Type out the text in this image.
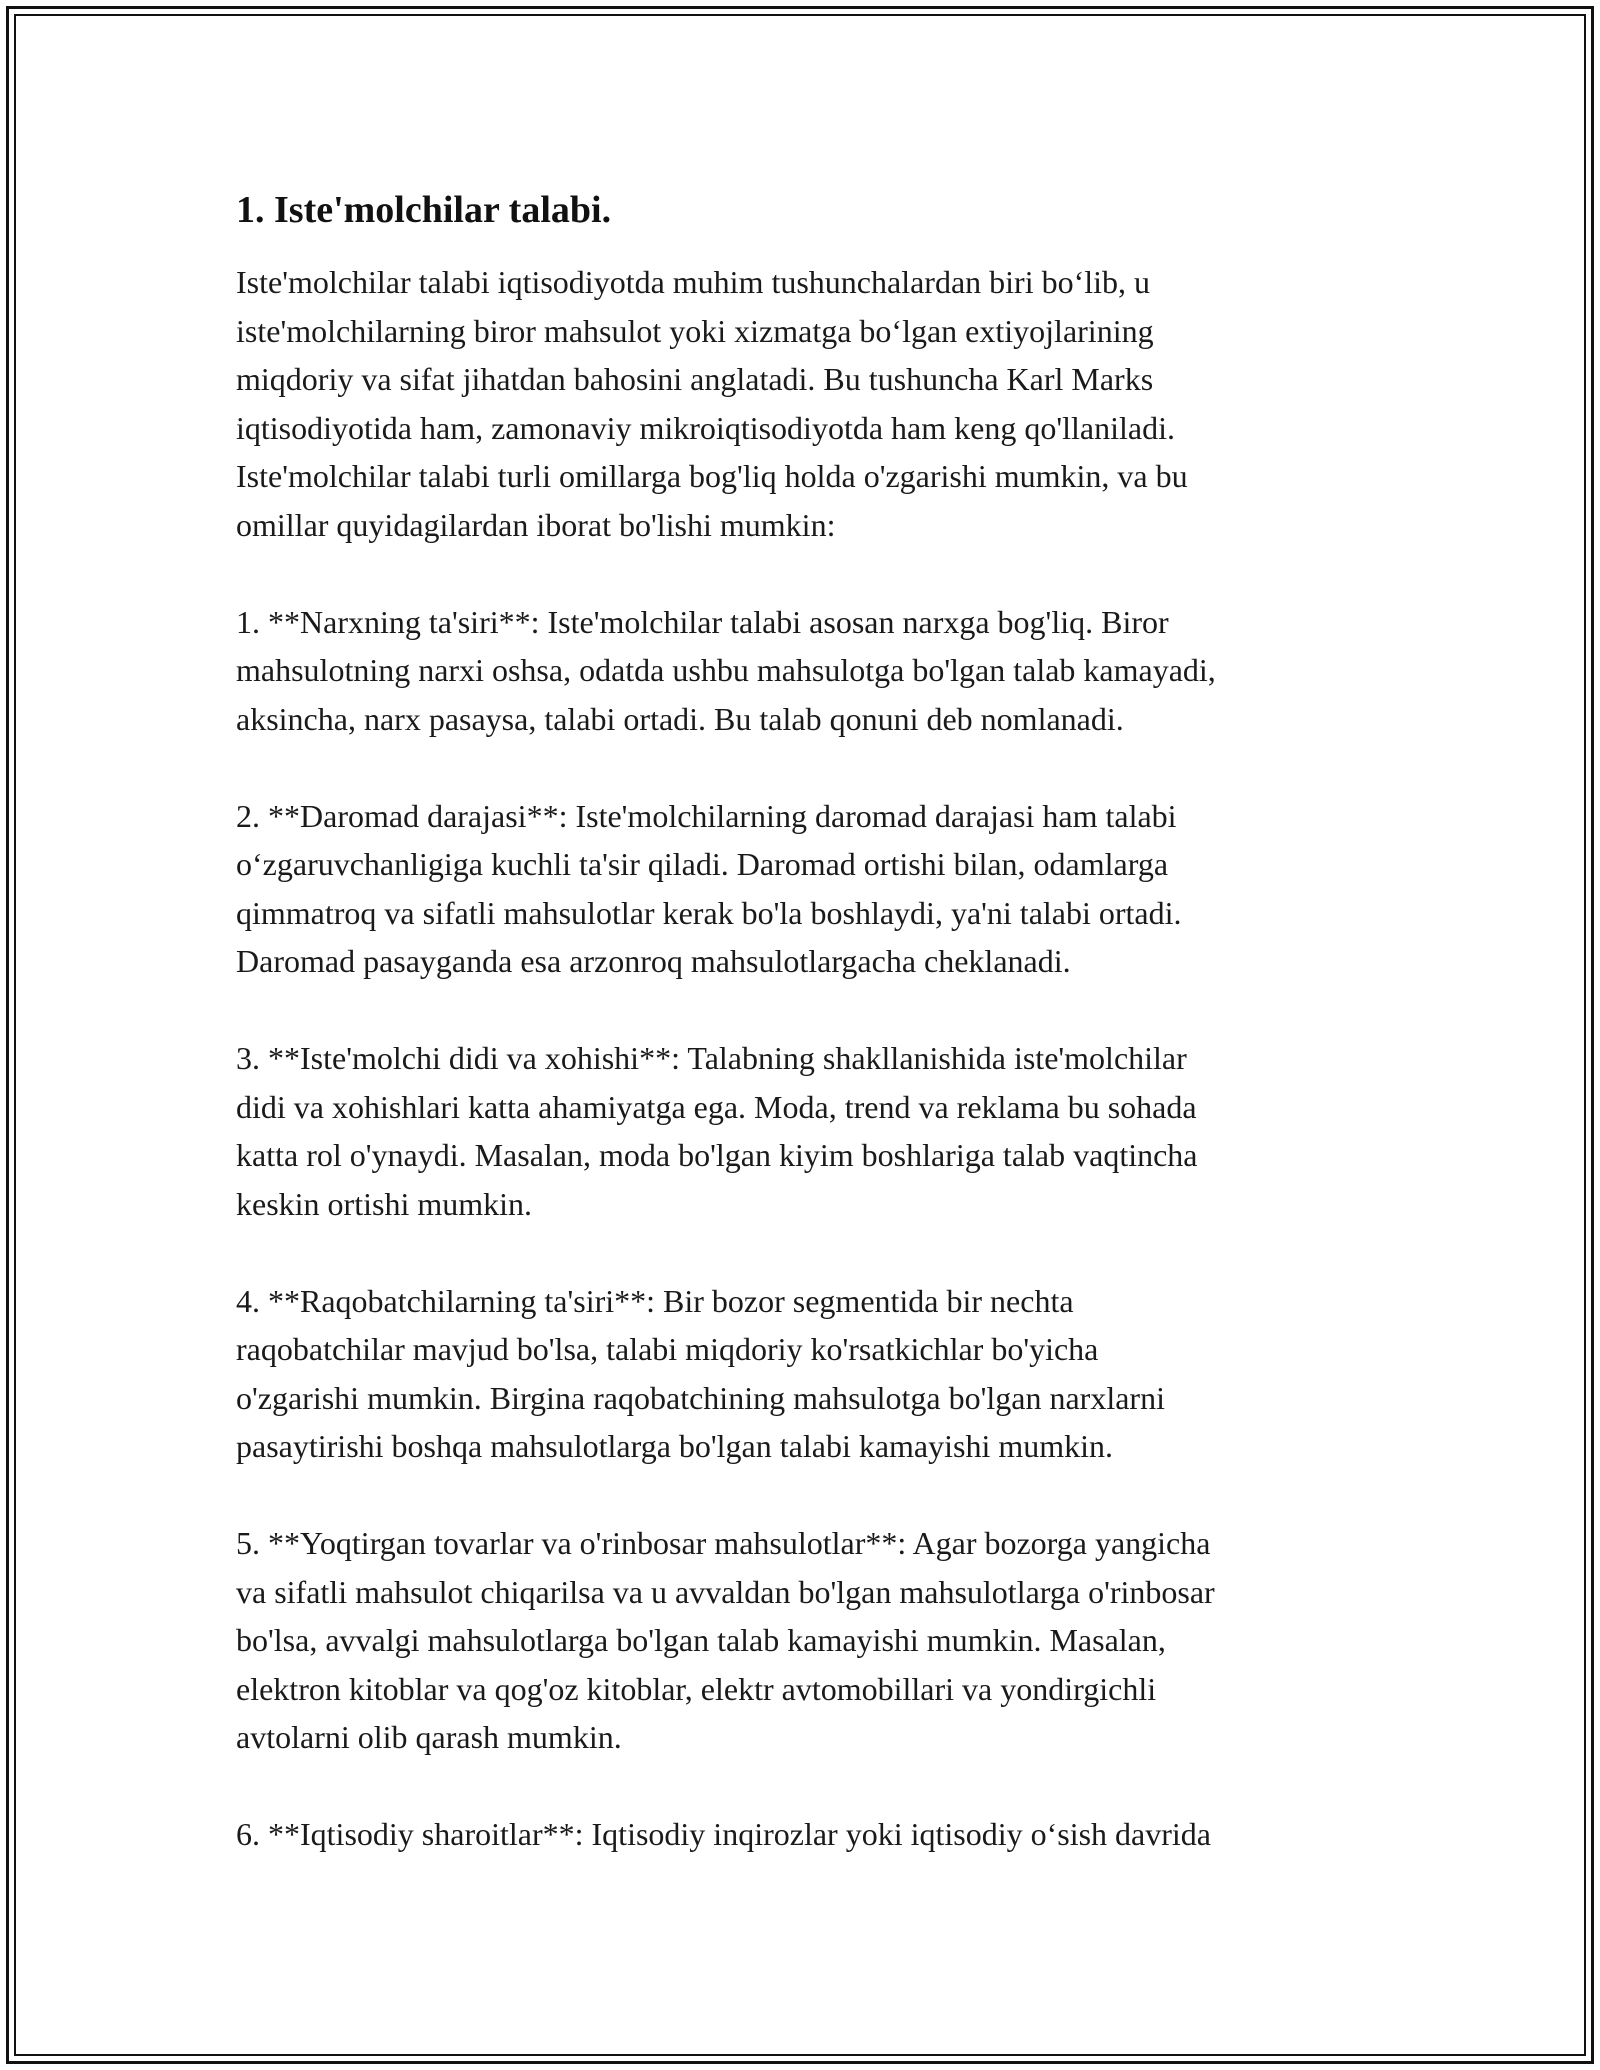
1. Iste'molchilar talabi.

Iste'molchilar talabi iqtisodiyotda muhim tushunchalardan biri bo‘lib, u
iste'molchilarning biror mahsulot yoki xizmatga bo‘lgan extiyojlarining
miqdoriy va sifat jihatdan bahosini anglatadi. Bu tushuncha Karl Marks
iqtisodiyotida ham, zamonaviy mikroiqtisodiyotda ham keng qo'llaniladi.
Iste'molchilar talabi turli omillarga bog'liq holda o'zgarishi mumkin, va bu
omillar quyidagilardan iborat bo'lishi mumkin:

1. **Narxning ta'siri**: Iste'molchilar talabi asosan narxga bog'liq. Biror
mahsulotning narxi oshsa, odatda ushbu mahsulotga bo'lgan talab kamayadi,
aksincha, narx pasaysa, talabi ortadi. Bu talab qonuni deb nomlanadi.

2. **Daromad darajasi**: Iste'molchilarning daromad darajasi ham talabi
o‘zgaruvchanligiga kuchli ta'sir qiladi. Daromad ortishi bilan, odamlarga
qimmatroq va sifatli mahsulotlar kerak bo'la boshlaydi, ya'ni talabi ortadi.
Daromad pasayganda esa arzonroq mahsulotlargacha cheklanadi.

3. **Iste'molchi didi va xohishi**: Talabning shakllanishida iste'molchilar
didi va xohishlari katta ahamiyatga ega. Moda, trend va reklama bu sohada
katta rol o'ynaydi. Masalan, moda bo'lgan kiyim boshlariga talab vaqtincha
keskin ortishi mumkin.

4. **Raqobatchilarning ta'siri**: Bir bozor segmentida bir nechta
raqobatchilar mavjud bo'lsa, talabi miqdoriy ko'rsatkichlar bo'yicha
o'zgarishi mumkin. Birgina raqobatchining mahsulotga bo'lgan narxlarni
pasaytirishi boshqa mahsulotlarga bo'lgan talabi kamayishi mumkin.

5. **Yoqtirgan tovarlar va o'rinbosar mahsulotlar**: Agar bozorga yangicha
va sifatli mahsulot chiqarilsa va u avvaldan bo'lgan mahsulotlarga o'rinbosar
bo'lsa, avvalgi mahsulotlarga bo'lgan talab kamayishi mumkin. Masalan,
elektron kitoblar va qog'oz kitoblar, elektr avtomobillari va yondirgichli
avtolarni olib qarash mumkin.

6. **Iqtisodiy sharoitlar**: Iqtisodiy inqirozlar yoki iqtisodiy o‘sish davrida
